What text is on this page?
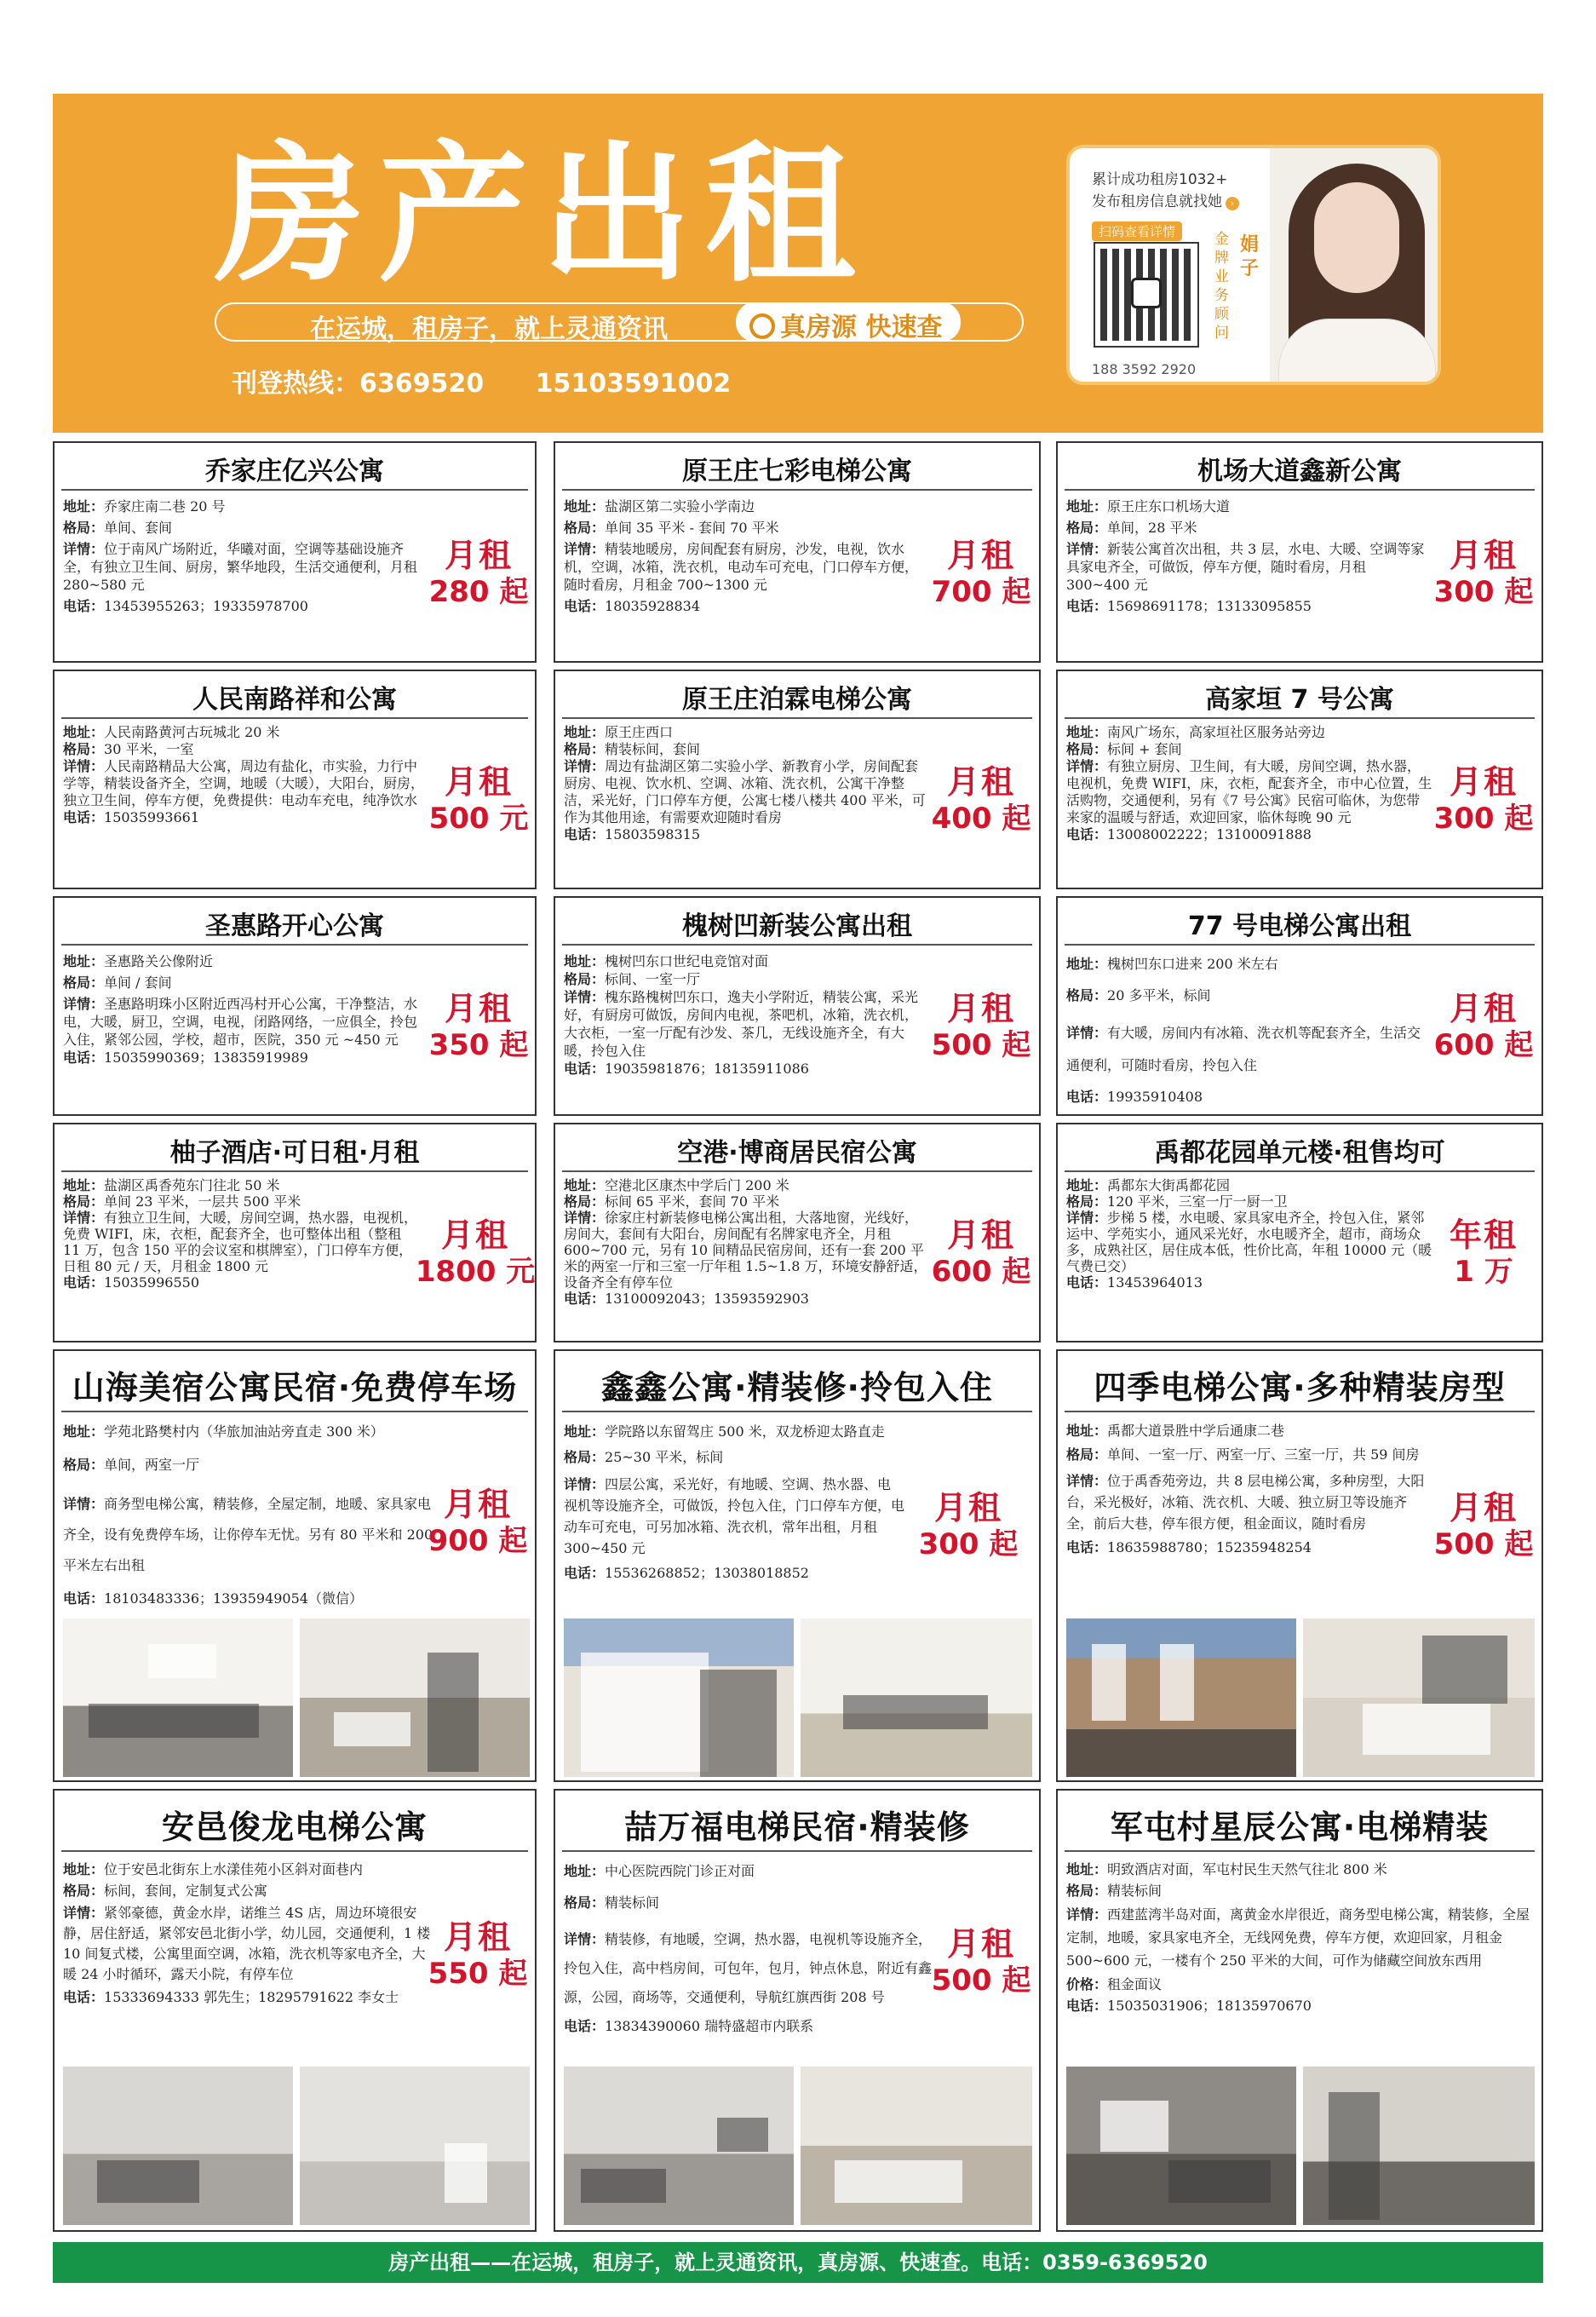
房产出租
在运城，租房子，就上灵通资讯	真房源 快速查
刊登热线：6369520 15103591002
累计成功租房1032+
发布租房信息就找她 ›
扫码查看详情	金牌业务顾问
娟子
188 3592 2920
乔家庄亿兴公寓

地址：乔家庄南二巷 20 号

格局：单间、套间

详情：位于南风广场附近，华曦对面，空调等基础设施齐全，有独立卫生间、厨房，繁华地段，生活交通便利，月租 280~580 元

电话：13453955263；19335978700

月租
280 起
原王庄七彩电梯公寓

地址：盐湖区第二实验小学南边

格局：单间 35 平米 - 套间 70 平米

详情：精装地暖房，房间配套有厨房，沙发，电视，饮水机，空调，冰箱，洗衣机，电动车可充电，门口停车方便，随时看房，月租金 700~1300 元

电话：18035928834

月租
700 起
机场大道鑫新公寓

地址：原王庄东口机场大道

格局：单间，28 平米

详情：新装公寓首次出租，共 3 层，水电、大暖、空调等家具家电齐全，可做饭，停车方便，随时看房，月租 300~400 元

电话：15698691178；13133095855

月租
300 起
人民南路祥和公寓

地址：人民南路黄河古玩城北 20 米

格局：30 平米，一室

详情：人民南路精品大公寓，周边有盐化，市实验，力行中学等，精装设备齐全，空调，地暖（大暖），大阳台，厨房，独立卫生间，停车方便，免费提供：电动车充电，纯净饮水

电话：15035993661

月租
500 元
原王庄泊霖电梯公寓

地址：原王庄西口

格局：精装标间，套间

详情：周边有盐湖区第二实验小学、新教育小学，房间配套厨房、电视、饮水机、空调、冰箱、洗衣机，公寓干净整洁，采光好，门口停车方便，公寓七楼八楼共 400 平米，可作为其他用途，有需要欢迎随时看房

电话：15803598315

月租
400 起
高家垣 7 号公寓

地址：南风广场东，高家垣社区服务站旁边

格局：标间 + 套间

详情：有独立厨房、卫生间，有大暖，房间空调，热水器，电视机，免费 WIFI，床，衣柜，配套齐全，市中心位置，生活购物，交通便利，另有《7 号公寓》民宿可临休，为您带来家的温暖与舒适，欢迎回家，临休每晚 90 元

电话：13008002222；13100091888

月租
300 起
圣惠路开心公寓

地址：圣惠路关公像附近

格局：单间 / 套间

详情：圣惠路明珠小区附近西冯村开心公寓，干净整洁，水电，大暖，厨卫，空调，电视，闭路网络，一应俱全，拎包入住，紧邻公园，学校，超市，医院，350 元 ~450 元

电话：15035990369；13835919989

月租
350 起
槐树凹新装公寓出租

地址：槐树凹东口世纪电竞馆对面

格局：标间、一室一厅

详情：槐东路槐树凹东口，逸夫小学附近，精装公寓，采光好，有厨房可做饭，房间内电视，茶吧机，冰箱，洗衣机，大衣柜，一室一厅配有沙发、茶几，无线设施齐全，有大暖，拎包入住

电话：19035981876；18135911086

月租
500 起
77 号电梯公寓出租

地址：槐树凹东口进来 200 米左右

格局：20 多平米，标间

详情：有大暖，房间内有冰箱、洗衣机等配套齐全，生活交通便利，可随时看房，拎包入住

电话：19935910408

月租
600 起
柚子酒店·可日租·月租

地址：盐湖区禹香苑东门往北 50 米

格局：单间 23 平米，一层共 500 平米

详情：有独立卫生间，大暖，房间空调，热水器，电视机，免费 WIFI，床，衣柜，配套齐全，也可整体出租（整租 11 万，包含 150 平的会议室和棋牌室），门口停车方便，日租 80 元 / 天，月租金 1800 元

电话：15035996550

月租
1800 元
空港·博商居民宿公寓

地址：空港北区康杰中学后门 200 米

格局：标间 65 平米，套间 70 平米

详情：徐家庄村新装修电梯公寓出租，大落地窗，光线好，房间大，套间有大阳台，房间配有名牌家电齐全，月租 600~700 元，另有 10 间精品民宿房间，还有一套 200 平米的两室一厅和三室一厅年租 1.5~1.8 万，环境安静舒适，设备齐全有停车位

电话：13100092043；13593592903

月租
600 起
禹都花园单元楼·租售均可

地址：禹都东大街禹都花园

格局：120 平米，三室一厅一厨一卫

详情：步梯 5 楼，水电暖、家具家电齐全，拎包入住，紧邻运中、学苑实小，通风采光好，水电暖齐全，超市，商场众多，成熟社区，居住成本低，性价比高，年租 10000 元（暖气费已交）

电话：13453964013

年租
1 万
山海美宿公寓民宿·免费停车场

地址：学苑北路樊村内（华旅加油站旁直走 300 米）

格局：单间，两室一厅

详情：商务型电梯公寓，精装修，全屋定制，地暖、家具家电齐全，设有免费停车场，让你停车无忧。另有 80 平米和 200 平米左右出租

电话：18103483336；13935949054（微信）

月租
900 起
鑫鑫公寓·精装修·拎包入住

地址：学院路以东留驾庄 500 米，双龙桥迎太路直走

格局：25~30 平米，标间

详情：四层公寓，采光好，有地暖、空调、热水器、电视机等设施齐全，可做饭，拎包入住，门口停车方便，电动车可充电，可另加冰箱、洗衣机，常年出租，月租 300~450 元

电话：15536268852；13038018852

月租
300 起
四季电梯公寓·多种精装房型

地址：禹都大道景胜中学后通康二巷

格局：单间、一室一厅、两室一厅、三室一厅，共 59 间房

详情：位于禹香苑旁边，共 8 层电梯公寓，多种房型，大阳台，采光极好，冰箱、洗衣机、大暖、独立厨卫等设施齐全，前后大巷，停车很方便，租金面议，随时看房

电话：18635988780；15235948254

月租
500 起
安邑俊龙电梯公寓

地址：位于安邑北街东上水漾佳苑小区斜对面巷内

格局：标间，套间，定制复式公寓

详情：紧邻豪德，黄金水岸，诺维兰 4S 店，周边环境很安静，居住舒适，紧邻安邑北街小学，幼儿园，交通便利，1 楼 10 间复式楼，公寓里面空调，冰箱，洗衣机等家电齐全，大暖 24 小时循环，露天小院，有停车位

电话：15333694333 郭先生；18295791622 李女士

月租
550 起
喆万福电梯民宿·精装修

地址：中心医院西院门诊正对面

格局：精装标间

详情：精装修，有地暖，空调，热水器，电视机等设施齐全，拎包入住，高中档房间，可包年，包月，钟点休息，附近有鑫源，公园，商场等，交通便利，导航红旗西街 208 号

电话：13834390060 瑞特盛超市内联系

月租
500 起
军屯村星辰公寓·电梯精装

地址：明致酒店对面，军屯村民生天然气往北 800 米

格局：精装标间

详情：西建蓝湾半岛对面，离黄金水岸很近，商务型电梯公寓，精装修，全屋定制，地暖，家具家电齐全，无线网免费，停车方便，欢迎回家，月租金 500~600 元，一楼有个 250 平米的大间，可作为储藏空间放东西用

价格：租金面议

电话：15035031906；18135970670

房产出租——在运城，租房子，就上灵通资讯，真房源、快速查。电话：0359-6369520
